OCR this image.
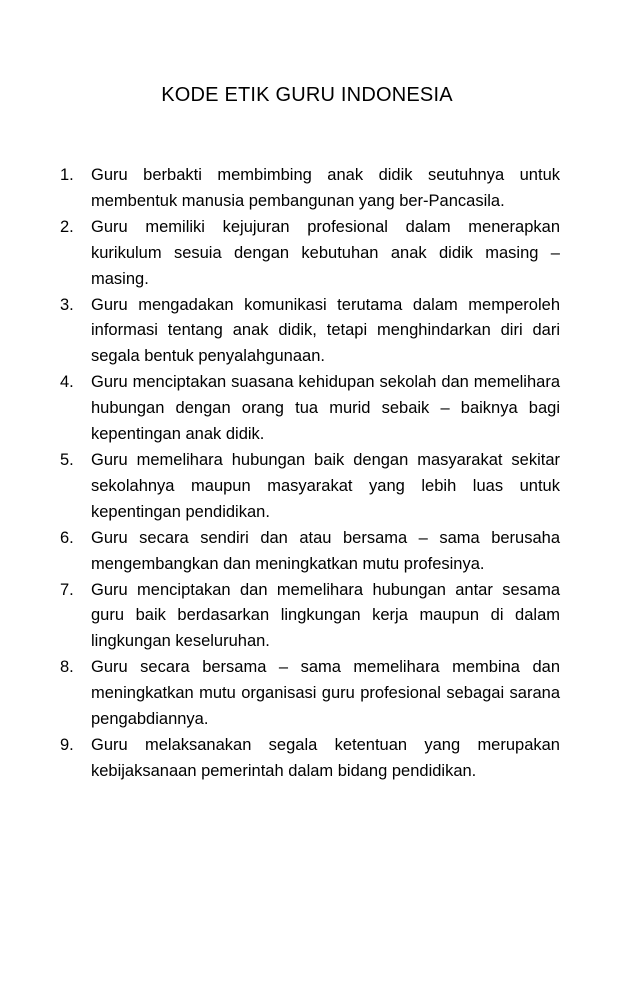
KODE ETIK GURU INDONESIA
1. Guru berbakti membimbing anak didik seutuhnya untuk membentuk manusia pembangunan yang ber-Pancasila.
2. Guru memiliki kejujuran profesional dalam menerapkan kurikulum sesuia dengan kebutuhan anak didik masing – masing.
3. Guru mengadakan komunikasi terutama dalam memperoleh informasi tentang anak didik, tetapi menghindarkan diri dari segala bentuk penyalahgunaan.
4. Guru menciptakan suasana kehidupan sekolah dan memelihara hubungan dengan orang tua murid sebaik – baiknya bagi kepentingan anak didik.
5. Guru memelihara hubungan baik dengan masyarakat sekitar sekolahnya maupun masyarakat yang lebih luas untuk kepentingan pendidikan.
6. Guru secara sendiri dan atau bersama – sama berusaha mengembangkan dan meningkatkan mutu profesinya.
7. Guru menciptakan dan memelihara hubungan antar sesama guru baik berdasarkan lingkungan kerja maupun di dalam lingkungan keseluruhan.
8. Guru secara bersama – sama memelihara membina dan meningkatkan mutu organisasi guru profesional sebagai sarana pengabdiannya.
9. Guru melaksanakan segala ketentuan yang merupakan kebijaksanaan pemerintah dalam bidang pendidikan.
